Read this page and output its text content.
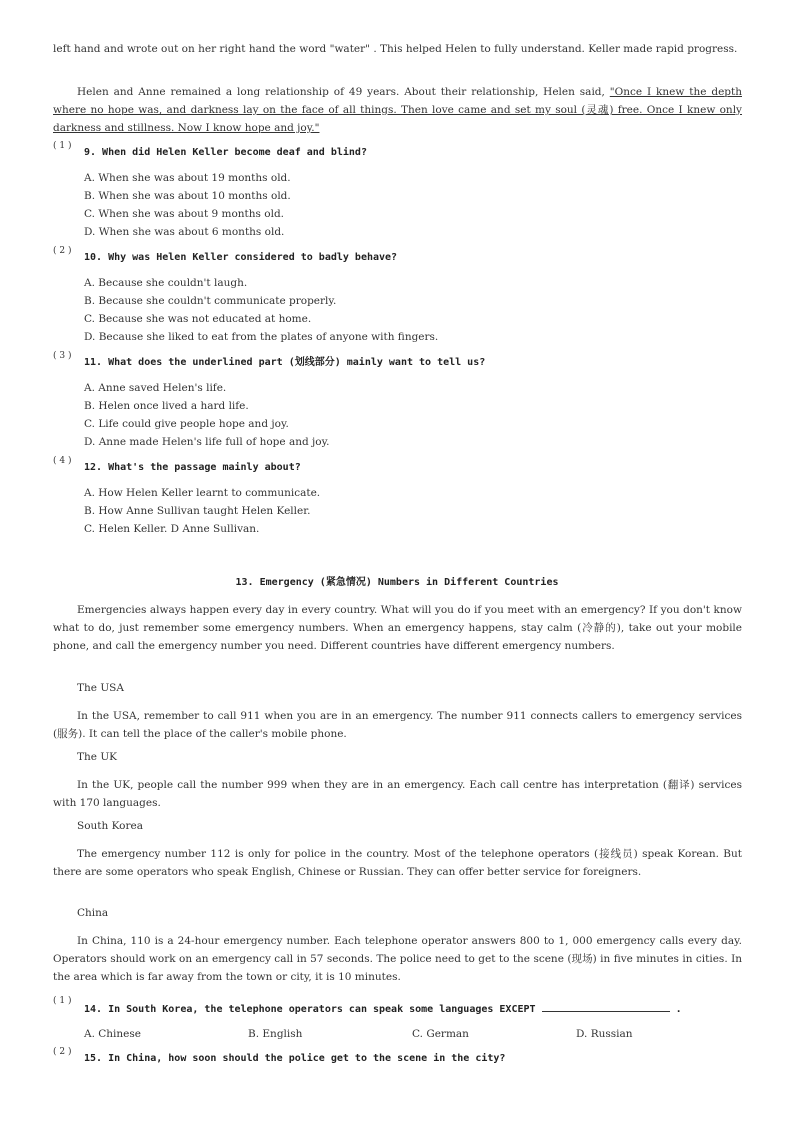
left hand and wrote out on her right hand the word "water" . This helped Helen to fully understand. Keller made rapid progress.
Helen and Anne remained a long relationship of 49 years. About their relationship, Helen said, "Once I knew the depth where no hope was, and darkness lay on the face of all things. Then love came and set my soul (灵魂) free. Once I knew only darkness and stillness. Now I know hope and joy."
( 1 )
9. When did Helen Keller become deaf and blind?
A. When she was about 19 months old.
B. When she was about 10 months old.
C. When she was about 9 months old.
D. When she was about 6 months old.
( 2 )
10. Why was Helen Keller considered to badly behave?
A. Because she couldn't laugh.
B. Because she couldn't communicate properly.
C. Because she was not educated at home.
D. Because she liked to eat from the plates of anyone with fingers.
( 3 )
11. What does the underlined part (划线部分) mainly want to tell us?
A. Anne saved Helen's life.
B. Helen once lived a hard life.
C. Life could give people hope and joy.
D. Anne made Helen's life full of hope and joy.
( 4 )
12. What's the passage mainly about?
A. How Helen Keller learnt to communicate.
B. How Anne Sullivan taught Helen Keller.
C. Helen Keller. D Anne Sullivan.
13. Emergency (紧急情况) Numbers in Different Countries
Emergencies always happen every day in every country. What will you do if you meet with an emergency? If you don't know what to do, just remember some emergency numbers. When an emergency happens, stay calm (冷静的), take out your mobile phone, and call the emergency number you need. Different countries have different emergency numbers.
The USA
In the USA, remember to call 911 when you are in an emergency. The number 911 connects callers to emergency services (服务). It can tell the place of the caller's mobile phone.
The UK
In the UK, people call the number 999 when they are in an emergency. Each call centre has interpretation (翻译) services with 170 languages.
South Korea
The emergency number 112 is only for police in the country. Most of the telephone operators (接线员) speak Korean. But there are some operators who speak English, Chinese or Russian. They can offer better service for foreigners.
China
In China, 110 is a 24-hour emergency number. Each telephone operator answers 800 to 1, 000 emergency calls every day. Operators should work on an emergency call in 57 seconds. The police need to get to the scene (现场) in five minutes in cities. In the area which is far away from the town or city, it is 10 minutes.
( 1 )
14. In South Korea, the telephone operators can speak some languages EXCEPT	.
A. Chinese	B. English	C. German	D. Russian
( 2 )
15. In China, how soon should the police get to the scene in the city?
